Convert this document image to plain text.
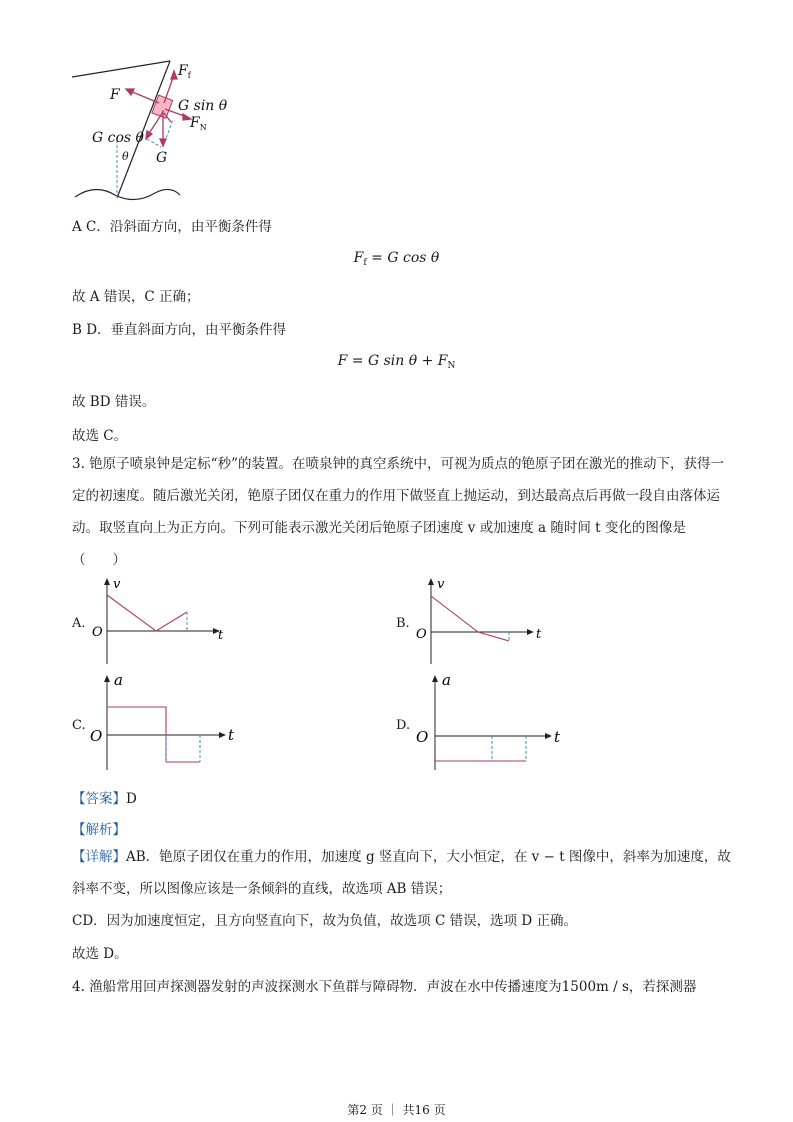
$F_f$
F
G sin θ
$F_N$
G cos θ
θ G
A C．沿斜面方向，由平衡条件得
$F_f = G$ cos θ
故 A 错误，C 正确；
B D．垂直斜面方向，由平衡条件得
F = G $\sin \theta + F_N$
故 BD 错误。
故选 C。
3. 铯原子喷泉钟是定标“秒”的装置。在喷泉钟的真空系统中，可视为质点的铯原子团在激光的推动下，获得一定的初速度。随后激光关闭，铯原子团仅在重力的作用下做竖直上抛运动，到达最高点后再做一段自由落体运动。取竖直向上为正方向。下列可能表示激光关闭后铯原子团速度 v 或加速度 a 随时间 t 变化的图像是（　　）
A.
v
t
O
B.
v
t
O
C.
a
t
O
D.
a
t
O
【答案】D
【解析】
【详解】AB．铯原子团仅在重力的作用，加速度 g 竖直向下，大小恒定，在 v − t 图像中，斜率为加速度，故斜率不变，所以图像应该是一条倾斜的直线，故选项 AB 错误；
CD．因为加速度恒定，且方向竖直向下，故为负值，故选项 C 错误，选项 D 正确。
故选 D。
4. 渔船常用回声探测器发射的声波探测水下鱼群与障碍物．声波在水中传播速度为1500m / s，若探测器
第2 页 ｜ 共16 页
